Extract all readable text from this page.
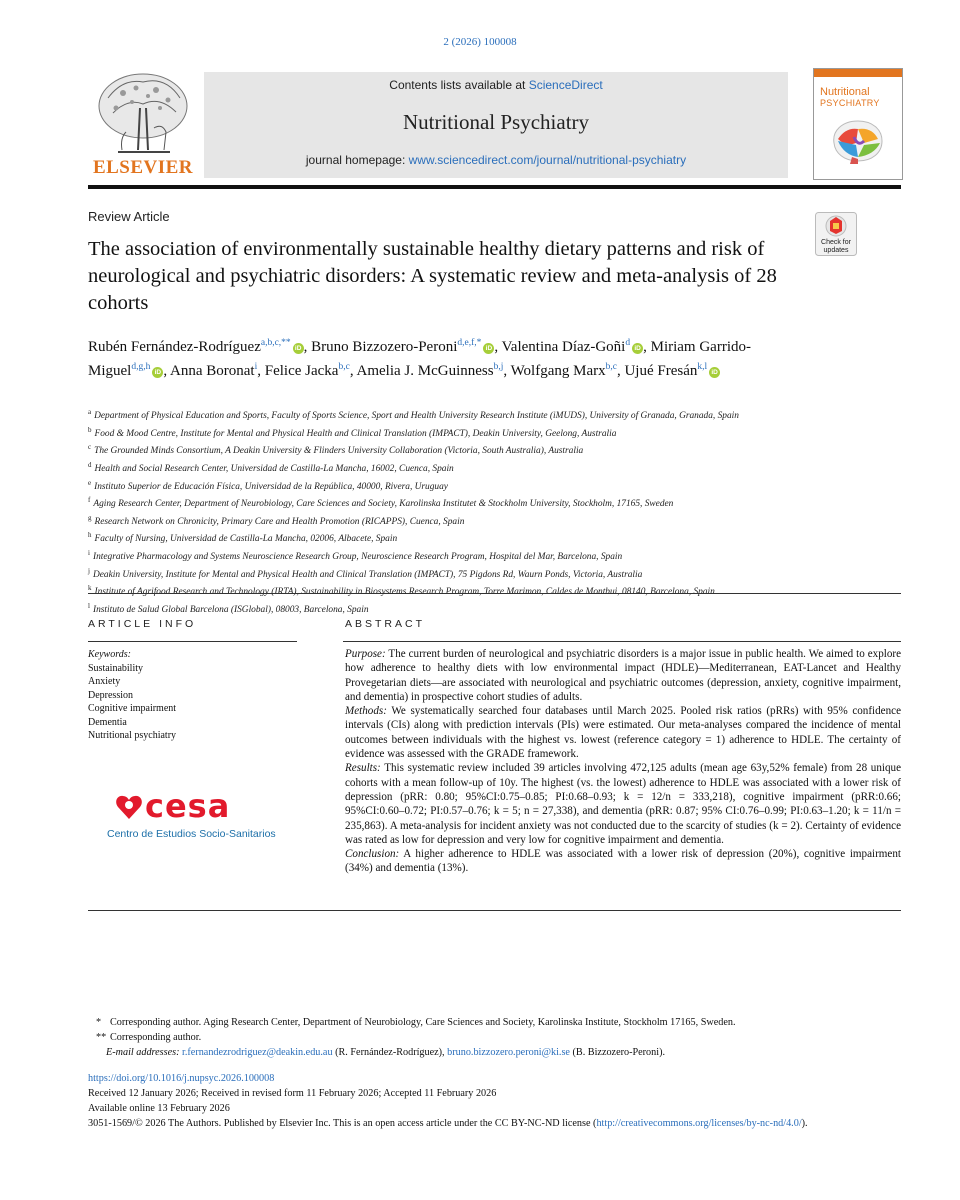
2 (2026) 100008
ELSEVIER
Contents lists available at ScienceDirect
Nutritional Psychiatry
journal homepage: www.sciencedirect.com/journal/nutritional-psychiatry
Nutritional
PSYCHIATRY
Review Article
Check for
updates
The association of environmentally sustainable healthy dietary patterns and risk of neurological and psychiatric disorders: A systematic review and meta-analysis of 28 cohorts
Rubén Fernández-Rodríguez$^{a,b,c,**}$iD , Bruno Bizzozero-Peroni$^{d,e,f,*}$iD , Valentina Díaz-Goñi$^d$iD , Miriam Garrido-Miguel$^{d,g,h}$iD , Anna Boronat$^i$, Felice Jacka$^{b,c}$, Amelia J. McGuinness$^{b,j}$, Wolfgang Marx$^{b,c}$, Ujué Fresán$^{k,l}$iD
$^a$ Department of Physical Education and Sports, Faculty of Sports Science, Sport and Health University Research Institute (iMUDS), University of Granada, Granada, Spain
$^b$ Food & Mood Centre, Institute for Mental and Physical Health and Clinical Translation (IMPACT), Deakin University, Geelong, Australia
$^c$ The Grounded Minds Consortium, A Deakin University & Flinders University Collaboration (Victoria, South Australia), Australia
$^d$ Health and Social Research Center, Universidad de Castilla-La Mancha, 16002, Cuenca, Spain
$^e$ Instituto Superior de Educación Física, Universidad de la República, 40000, Rivera, Uruguay
$^f$ Aging Research Center, Department of Neurobiology, Care Sciences and Society, Karolinska Institutet & Stockholm University, Stockholm, 17165, Sweden
$^g$ Research Network on Chronicity, Primary Care and Health Promotion (RICAPPS), Cuenca, Spain
$^h$ Faculty of Nursing, Universidad de Castilla-La Mancha, 02006, Albacete, Spain
$^i$ Integrative Pharmacology and Systems Neuroscience Research Group, Neuroscience Research Program, Hospital del Mar, Barcelona, Spain
$^j$ Deakin University, Institute for Mental and Physical Health and Clinical Translation (IMPACT), 75 Pigdons Rd, Waurn Ponds, Victoria, Australia
$^k$
$^l$ Instituto de Salud Global Barcelona (ISGlobal), 08003, Barcelona, Spain
ARTICLE INFO	ABSTRACT
Keywords:
Sustainability
Anxiety
Depression
Cognitive impairment
Dementia
Nutritional psychiatry
cesa
Centro de Estudios Socio-Sanitarios

Purpose: The current burden of neurological and psychiatric disorders is a major issue in public health. We aimed to explore how adherence to healthy diets with low environmental impact (HDLE)—Mediterranean, EAT-Lancet and Healthy Provegetarian diets—are associated with neurological and psychiatric outcomes (depression, anxiety, cognitive impairment, and dementia) in prospective cohort studies of adults.

Methods: We systematically searched four databases until March 2025. Pooled risk ratios (pRRs) with 95% confidence intervals (CIs) along with prediction intervals (PIs) were estimated. Our meta-analyses compared the incidence of mental outcomes between individuals with the highest vs. lowest (reference category = 1) adherence to HDLE. The certainty of evidence was assessed with the GRADE framework.

Results: This systematic review included 39 articles involving 472,125 adults (mean age 63y,52% female) from 28 unique cohorts with a mean follow-up of 10y. The highest (vs. the lowest) adherence to HDLE was associated with a lower risk of depression (pRR: 0.80; 95%CI:0.75–0.85; PI:0.68–0.93; k = 12/n = 333,218), cognitive impairment (pRR:0.66; 95%CI:0.60–0.72; PI:0.57–0.76; k = 5; n = 27,338), and dementia (pRR: 0.87; 95% CI:0.76–0.99; PI:0.63–1.20; k = 11/n = 235,863). A meta-analysis for incident anxiety was not conducted due to the scarcity of studies (k = 2). Certainty of evidence was rated as low for depression and very low for cognitive impairment and dementia.

Conclusion: A higher adherence to HDLE was associated with a lower risk of depression (20%), cognitive impairment (34%) and dementia (13%).

* Corresponding author. Aging Research Center, Department of Neurobiology, Care Sciences and Society, Karolinska Institute, Stockholm 17165, Sweden.
** Corresponding author.
E-mail addresses: r.fernandezrodriguez@deakin.edu.au (R. Fernández-Rodríguez), bruno.bizzozero.peroni@ki.se (B. Bizzozero-Peroni).
https://doi.org/10.1016/j.nupsyc.2026.100008
Received 12 January 2026; Received in revised form 11 February 2026; Accepted 11 February 2026
Available online 13 February 2026
3051-1569/© 2026 The Authors. Published by Elsevier Inc. This is an open access article under the CC BY-NC-ND license (http://creativecommons.org/licenses/by-nc-nd/4.0/).
